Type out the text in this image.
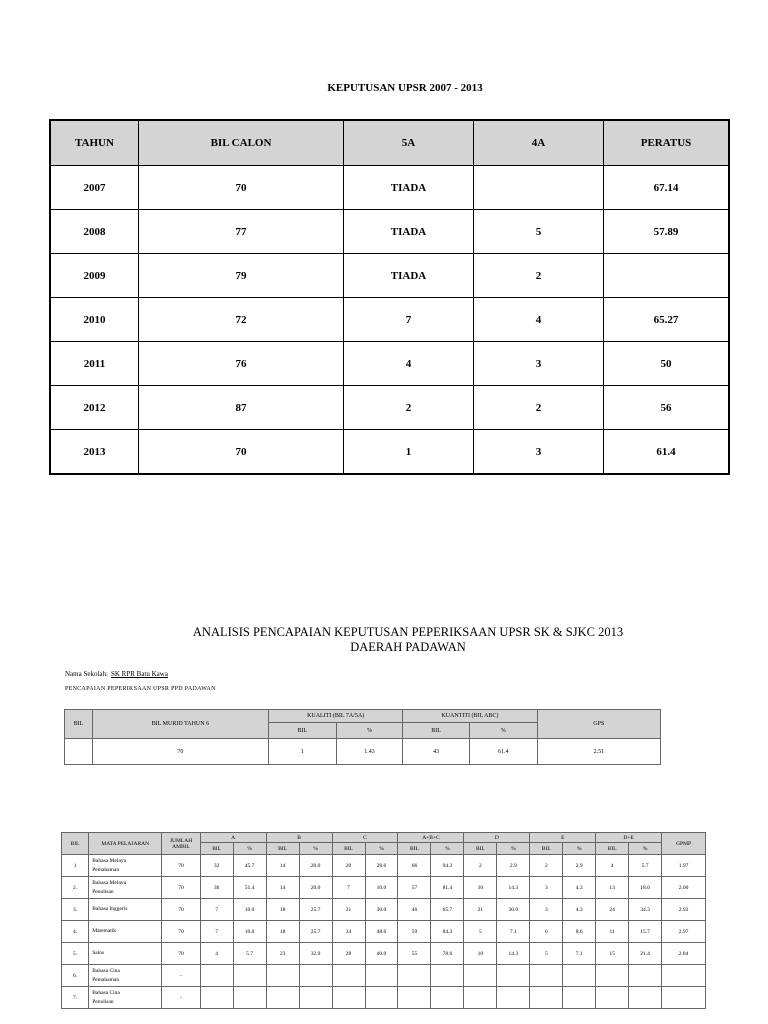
KEPUTUSAN UPSR 2007 - 2013
TAHUN	BIL CALON	5A	4A	PERATUS
2007	70	TIADA		67.14
2008	77	TIADA	5	57.89
2009	79	TIADA	2	
2010	72	7	4	65.27
2011	76	4	3	50
2012	87	2	2	56
2013	70	1	3	61.4
ANALISIS PENCAPAIAN KEPUTUSAN PEPERIKSAAN UPSR SK & SJKC 2013
DAERAH PADAWAN
Nama Sekolah: SK RPR Batu Kawa
PENCAPAIAN PEPERIKSAAN UPSR PPD PADAWAN
BIL	BIL MURID TAHUN 6	KUALITI (BIL 7A/5A)		KUANTITI (BIL ABC)		GPS
		BIL	%	BIL	%	
	70	1	1.43	43	61.4	2.51
BIL	MATA PELAJARAN	JUMLAH AMBIL	A		B		C		A+B+C		D		E		D+E		GPMP
			BIL	%	BIL	%	BIL	%	BIL	%	BIL	%	BIL	%	BIL	%	
1	Bahasa Melayu
Pemahaman	70	32	45.7	14	20.0	20	28.6	66	94.3	2	2.9	2	2.9	4	5.7	1.97
2.	Bahasa Melayu
Penulisan	70	36	51.4	14	20.0	7	10.0	57	81.4	10	14.3	3	4.3	13	18.6	2.00
3.	Bahasa Inggeris	70	7	10.0	18	25.7	21	30.0	46	65.7	21	30.0	3	4.3	24	34.3	2.93
4.	Matematik	70	7	10.0	18	25.7	34	48.6	59	84.3	5	7.1	6	8.6	11	15.7	2.97
5.	Sains	70	4	5.7	23	32.9	28	40.0	55	78.6	10	14.3	5	7.1	15	21.4	2.84
6.	Bahasa Cina
Pemahaman	-															
7.	Bahasa Cina
Penulisan	-															
